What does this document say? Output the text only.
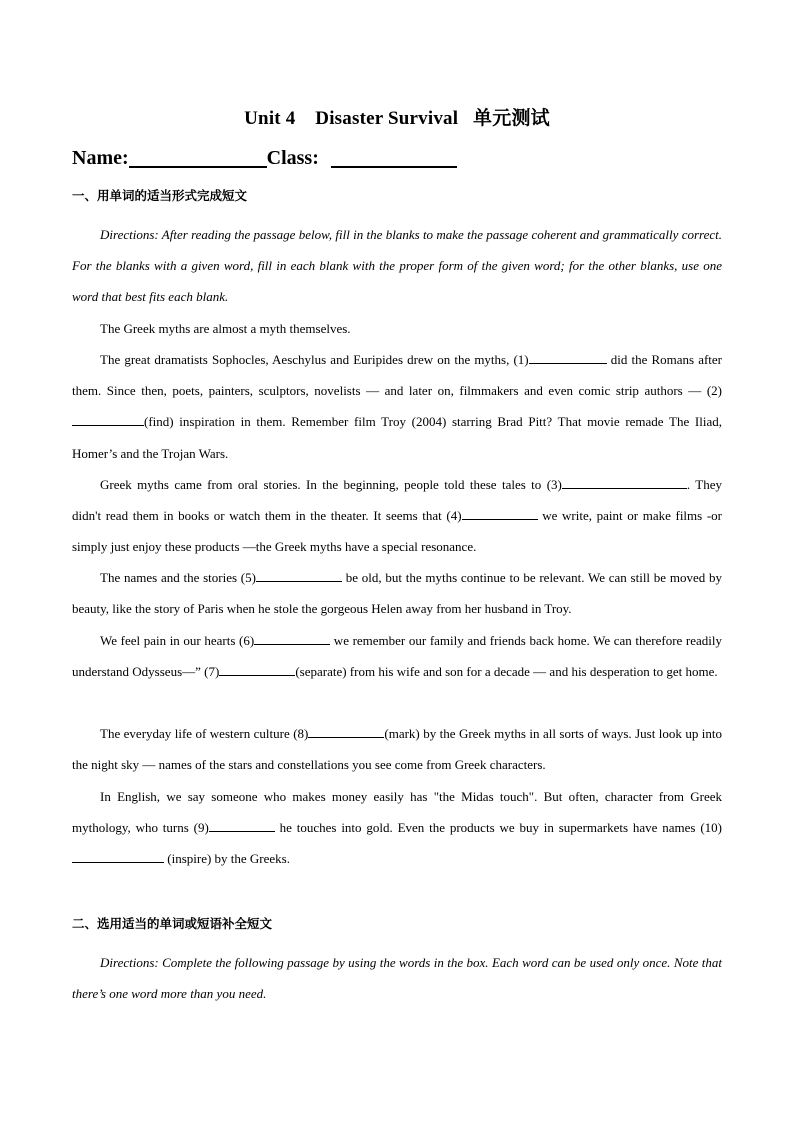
Unit 4    Disaster Survival   单元测试
Name:	Class:
一、用单词的适当形式完成短文
Directions: After reading the passage below, fill in the blanks to make the passage coherent and grammatically correct. For the blanks with a given word, fill in each blank with the proper form of the given word; for the other blanks, use one word that best fits each blank.
The Greek myths are almost a myth themselves.
The great dramatists Sophocles, Aeschylus and Euripides drew on the myths, (1)	did the Romans after them. Since then, poets, painters, sculptors, novelists — and later on, filmmakers and even comic strip authors — (2)(find) inspiration in them. Remember film Troy (2004) starring Brad Pitt? That movie remade The Iliad, Homer’s and the Trojan Wars.
Greek myths came from oral stories. In the beginning, people told these tales to (3)	. They didn't read them in books or watch them in the theater. It seems that (4)	we write, paint or make films -or simply just enjoy these products —the Greek myths have a special resonance.
The names and the stories (5)	be old, but the myths continue to be relevant. We can still be moved by beauty, like the story of Paris when he stole the gorgeous Helen away from her husband in Troy.
We feel pain in our hearts (6)	we remember our family and friends back home. We can therefore readily understand Odysseus—” (7)	(separate) from his wife and son for a decade — and his desperation to get home.
The everyday life of western culture (8)	(mark) by the Greek myths in all sorts of ways. Just look up into the night sky — names of the stars and constellations you see come from Greek characters.
In English, we say someone who makes money easily has "the Midas touch". But often, character from Greek mythology, who turns (9)	he touches into gold. Even the products we buy in supermarkets have names (10) (inspire) by the Greeks.
二、选用适当的单词或短语补全短文
Directions: Complete the following passage by using the words in the box. Each word can be used only once. Note that there’s one word more than you need.
